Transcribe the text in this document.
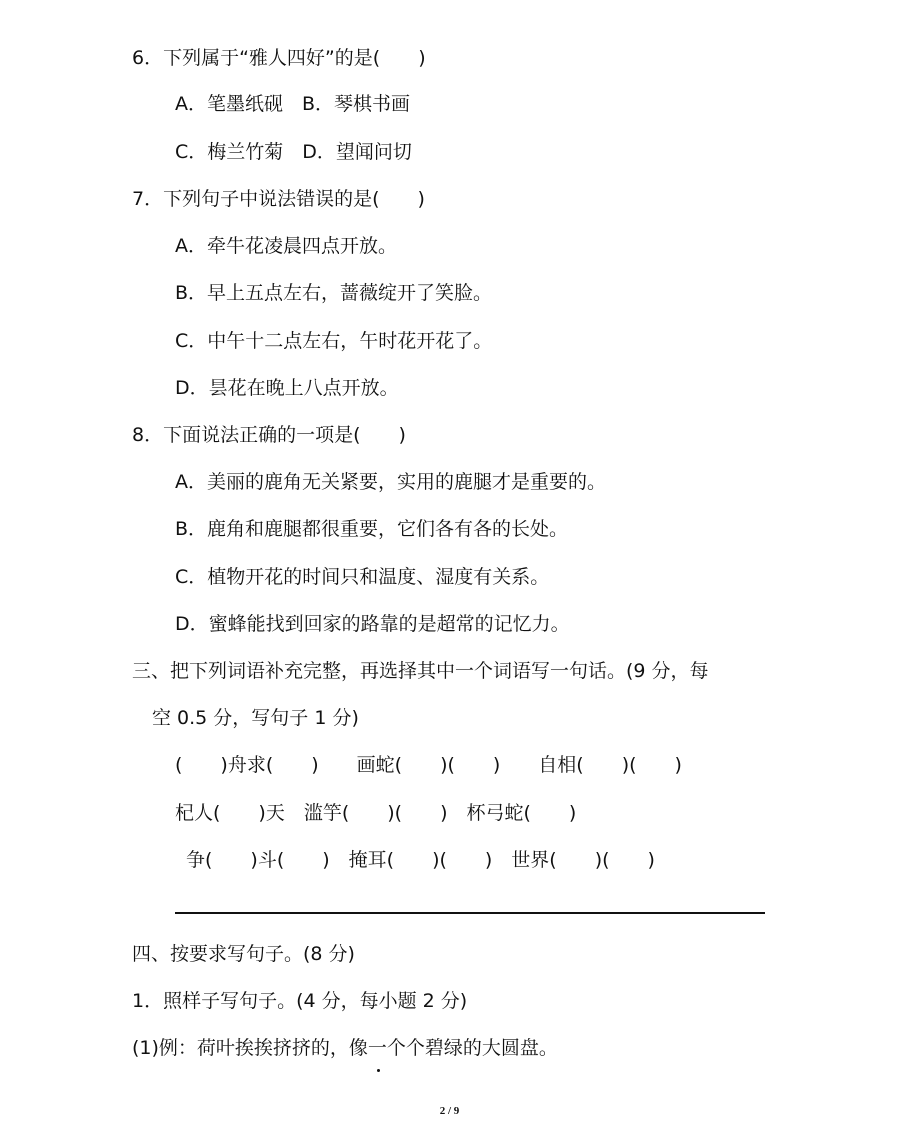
6．下列属于“雅人四好”的是(　　)
A．笔墨纸砚　B．琴棋书画
C．梅兰竹菊　D．望闻问切
7．下列句子中说法错误的是(　　)
A．牵牛花凌晨四点开放。
B．早上五点左右，蔷薇绽开了笑脸。
C．中午十二点左右，午时花开花了。
D．昙花在晚上八点开放。
8．下面说法正确的一项是(　　)
A．美丽的鹿角无关紧要，实用的鹿腿才是重要的。
B．鹿角和鹿腿都很重要，它们各有各的长处。
C．植物开花的时间只和温度、湿度有关系。
D．蜜蜂能找到回家的路靠的是超常的记忆力。
三、把下列词语补充完整，再选择其中一个词语写一句话。(9 分，每
空 0.5 分，写句子 1 分)
(　　)舟求(　　)　　画蛇(　　)(　　)　　自相(　　)(　　)
杞人(　　)天　滥竽(　　)(　　)　杯弓蛇(　　)
争(　　)斗(　　)　掩耳(　　)(　　)　世界(　　)(　　)
四、按要求写句子。(8 分)
1．照样子写句子。(4 分，每小题 2 分)
(1)例：荷叶挨挨挤挤的，像一个个碧绿的大圆盘。
2 / 9
